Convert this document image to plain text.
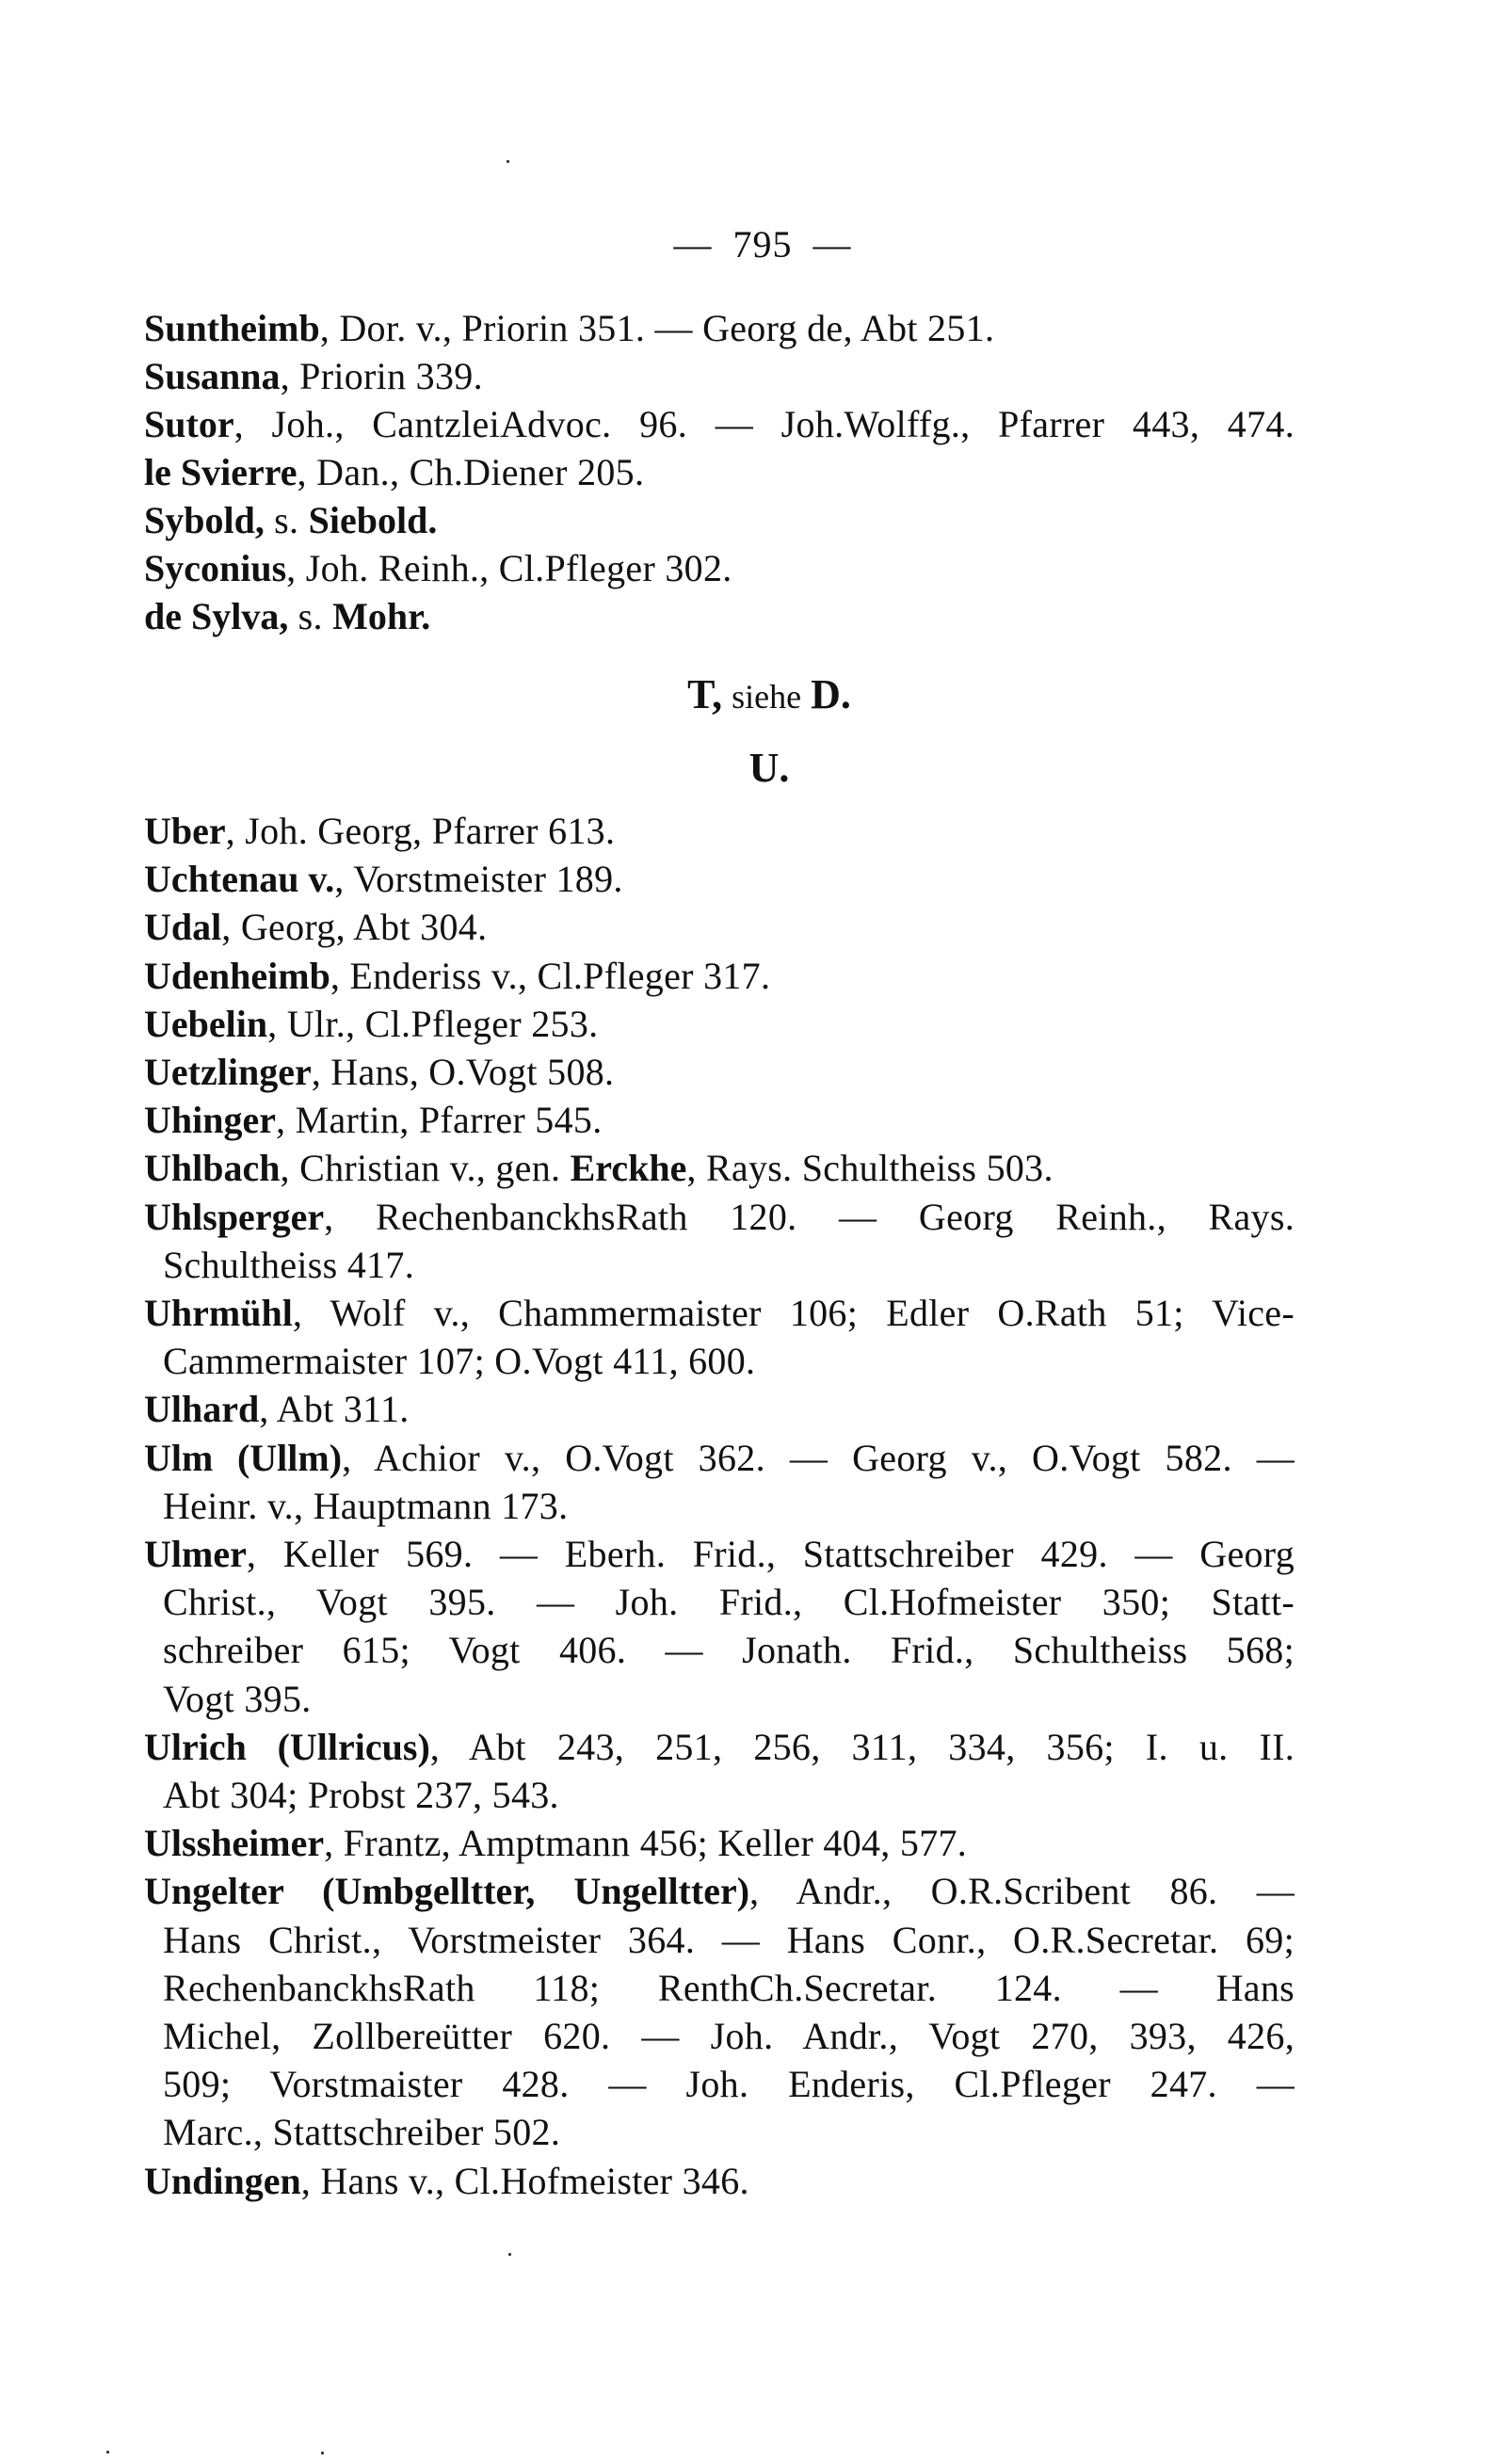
— 795 —
T, siehe D.
U.
Suntheimb, Dor. v., Priorin 351. — Georg de, Abt 251.
Susanna, Priorin 339.
Sutor, Joh., CantzleiAdvoc. 96. — Joh.Wolffg., Pfarrer 443, 474.
le Svierre, Dan., Ch.Diener 205.
Sybold, s. Siebold.
Syconius, Joh. Reinh., Cl.Pfleger 302.
de Sylva, s. Mohr.
Uber, Joh. Georg, Pfarrer 613.
Uchtenau v., Vorstmeister 189.
Udal, Georg, Abt 304.
Udenheimb, Enderiss v., Cl.Pfleger 317.
Uebelin, Ulr., Cl.Pfleger 253.
Uetzlinger, Hans, O.Vogt 508.
Uhinger, Martin, Pfarrer 545.
Uhlbach, Christian v., gen. Erckhe, Rays. Schultheiss 503.
Uhlsperger, RechenbanckhsRath 120. — Georg Reinh., Rays.
Schultheiss 417.
Uhrmühl, Wolf v., Chammermaister 106; Edler O.Rath 51; Vice-
Cammermaister 107; O.Vogt 411, 600.
Ulhard, Abt 311.
Ulm (Ullm), Achior v., O.Vogt 362. — Georg v., O.Vogt 582. —
Heinr. v., Hauptmann 173.
Ulmer, Keller 569. — Eberh. Frid., Stattschreiber 429. — Georg
Christ., Vogt 395. — Joh. Frid., Cl.Hofmeister 350; Statt-
schreiber 615; Vogt 406. — Jonath. Frid., Schultheiss 568;
Vogt 395.
Ulrich (Ullricus), Abt 243, 251, 256, 311, 334, 356; I. u. II.
Abt 304; Probst 237, 543.
Ulssheimer, Frantz, Amptmann 456; Keller 404, 577.
Ungelter (Umbgelltter, Ungelltter), Andr., O.R.Scribent 86. —
Hans Christ., Vorstmeister 364. — Hans Conr., O.R.Secretar. 69;
RechenbanckhsRath 118; RenthCh.Secretar. 124. — Hans
Michel, Zollbereütter 620. — Joh. Andr., Vogt 270, 393, 426,
509; Vorstmaister 428. — Joh. Enderis, Cl.Pfleger 247. —
Marc., Stattschreiber 502.
Undingen, Hans v., Cl.Hofmeister 346.
